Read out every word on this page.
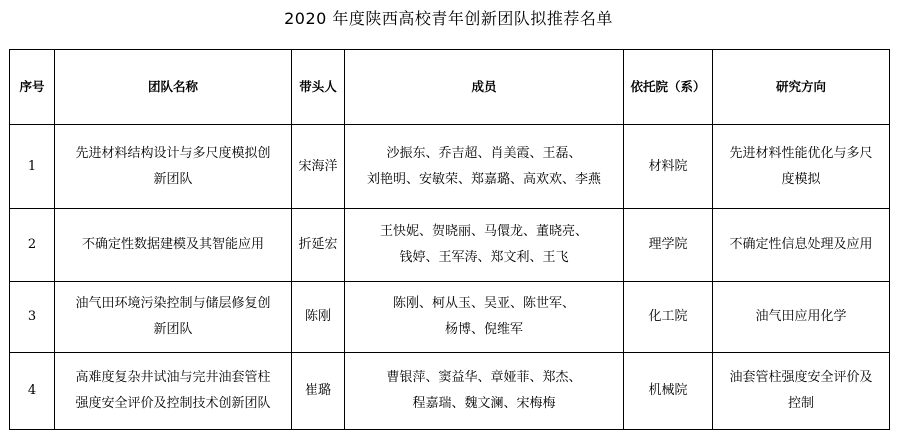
2020 年度陕西高校青年创新团队拟推荐名单
序号	团队名称	带头人	成员	依托院（系）	研究方向
1	先进材料结构设计与多尺度模拟创
新团队	宋海洋	沙振东、乔吉超、肖美霞、王磊、
刘艳明、安敏荣、郑嘉璐、高欢欢、李燕	材料院	先进材料性能优化与多尺
度模拟

2	不确定性数据建模及其智能应用	折延宏	王快妮、贺晓丽、马儇龙、董晓亮、
钱婷、王军涛、郑文利、王飞	理学院	不确定性信息处理及应用

3	油气田环境污染控制与储层修复创
新团队	陈刚	陈刚、柯从玉、吴亚、陈世军、
杨博、倪维军	化工院	油气田应用化学

4	高难度复杂井试油与完井油套管柱
强度安全评价及控制技术创新团队	崔璐	曹银萍、窦益华、章娅菲、郑杰、
程嘉瑞、魏文澜、宋梅梅	机械院	油套管柱强度安全评价及
控制
